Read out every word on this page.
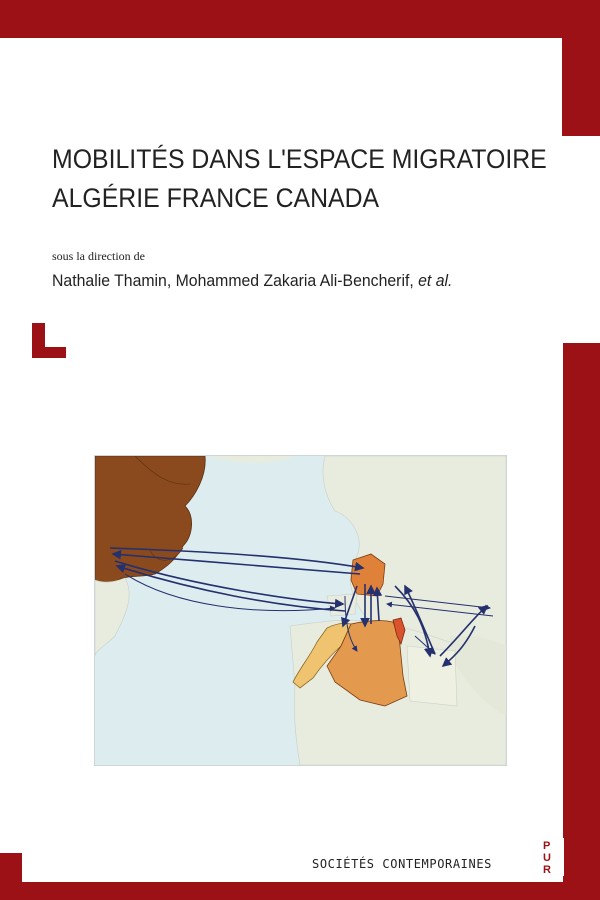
MOBILITÉS DANS L'ESPACE MIGRATOIRE
ALGÉRIE FRANCE CANADA
sous la direction de
Nathalie Thamin, Mohammed Zakaria Ali-Bencherif, et al.
SOCIÉTÉS CONTEMPORAINES
P
U
R
